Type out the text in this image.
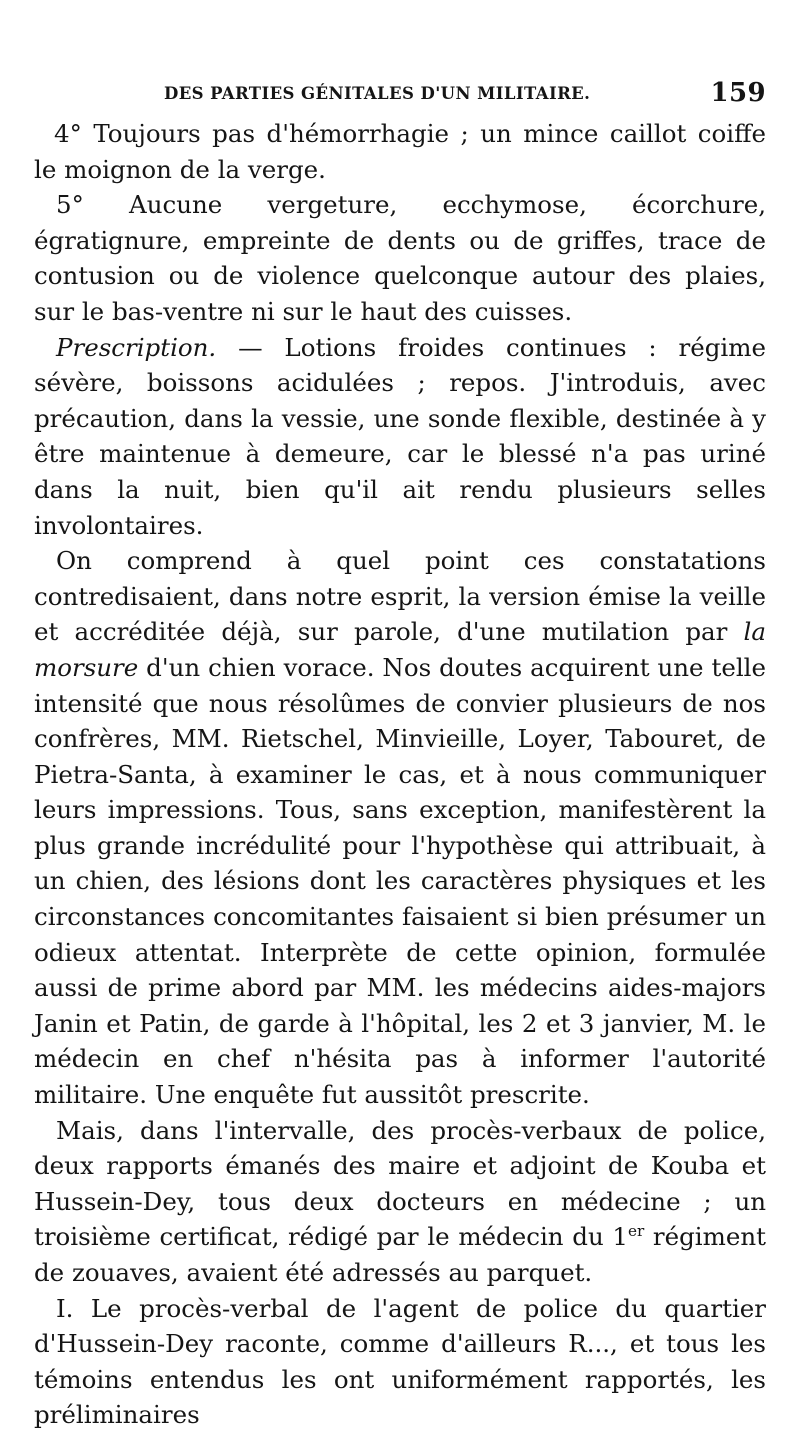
DES PARTIES GÉNITALES D'UN MILITAIRE.	159

4° Toujours pas d'hémorrhagie ; un mince caillot coiffe le moignon de la verge.

5° Aucune vergeture, ecchymose, écorchure, égratignure, empreinte de dents ou de griffes, trace de contusion ou de violence quelconque autour des plaies, sur le bas-ventre ni sur le haut des cuisses.

Prescription. — Lotions froides continues : régime sévère, boissons acidulées ; repos. J'introduis, avec précaution, dans la vessie, une sonde flexible, destinée à y être maintenue à demeure, car le blessé n'a pas uriné dans la nuit, bien qu'il ait rendu plusieurs selles involontaires.

On comprend à quel point ces constatations contredisaient, dans notre esprit, la version émise la veille et accréditée déjà, sur parole, d'une mutilation par la morsure d'un chien vorace. Nos doutes acquirent une telle intensité que nous résolûmes de convier plusieurs de nos confrères, MM. Rietschel, Minvieille, Loyer, Tabouret, de Pietra-Santa, à examiner le cas, et à nous communiquer leurs impressions. Tous, sans exception, manifestèrent la plus grande incrédulité pour l'hypothèse qui attribuait, à un chien, des lésions dont les caractères physiques et les circonstances concomitantes faisaient si bien présumer un odieux attentat. Interprète de cette opinion, formulée aussi de prime abord par MM. les médecins aides-majors Janin et Patin, de garde à l'hôpital, les 2 et 3 janvier, M. le médecin en chef n'hésita pas à informer l'autorité militaire. Une enquête fut aussitôt prescrite.

Mais, dans l'intervalle, des procès-verbaux de police, deux rapports émanés des maire et adjoint de Kouba et Hussein-Dey, tous deux docteurs en médecine ; un troisième certificat, rédigé par le médecin du 1er régiment de zouaves, avaient été adressés au parquet.

I. Le procès-verbal de l'agent de police du quartier d'Hussein-Dey raconte, comme d'ailleurs R..., et tous les témoins entendus les ont uniformément rapportés, les préliminaires
